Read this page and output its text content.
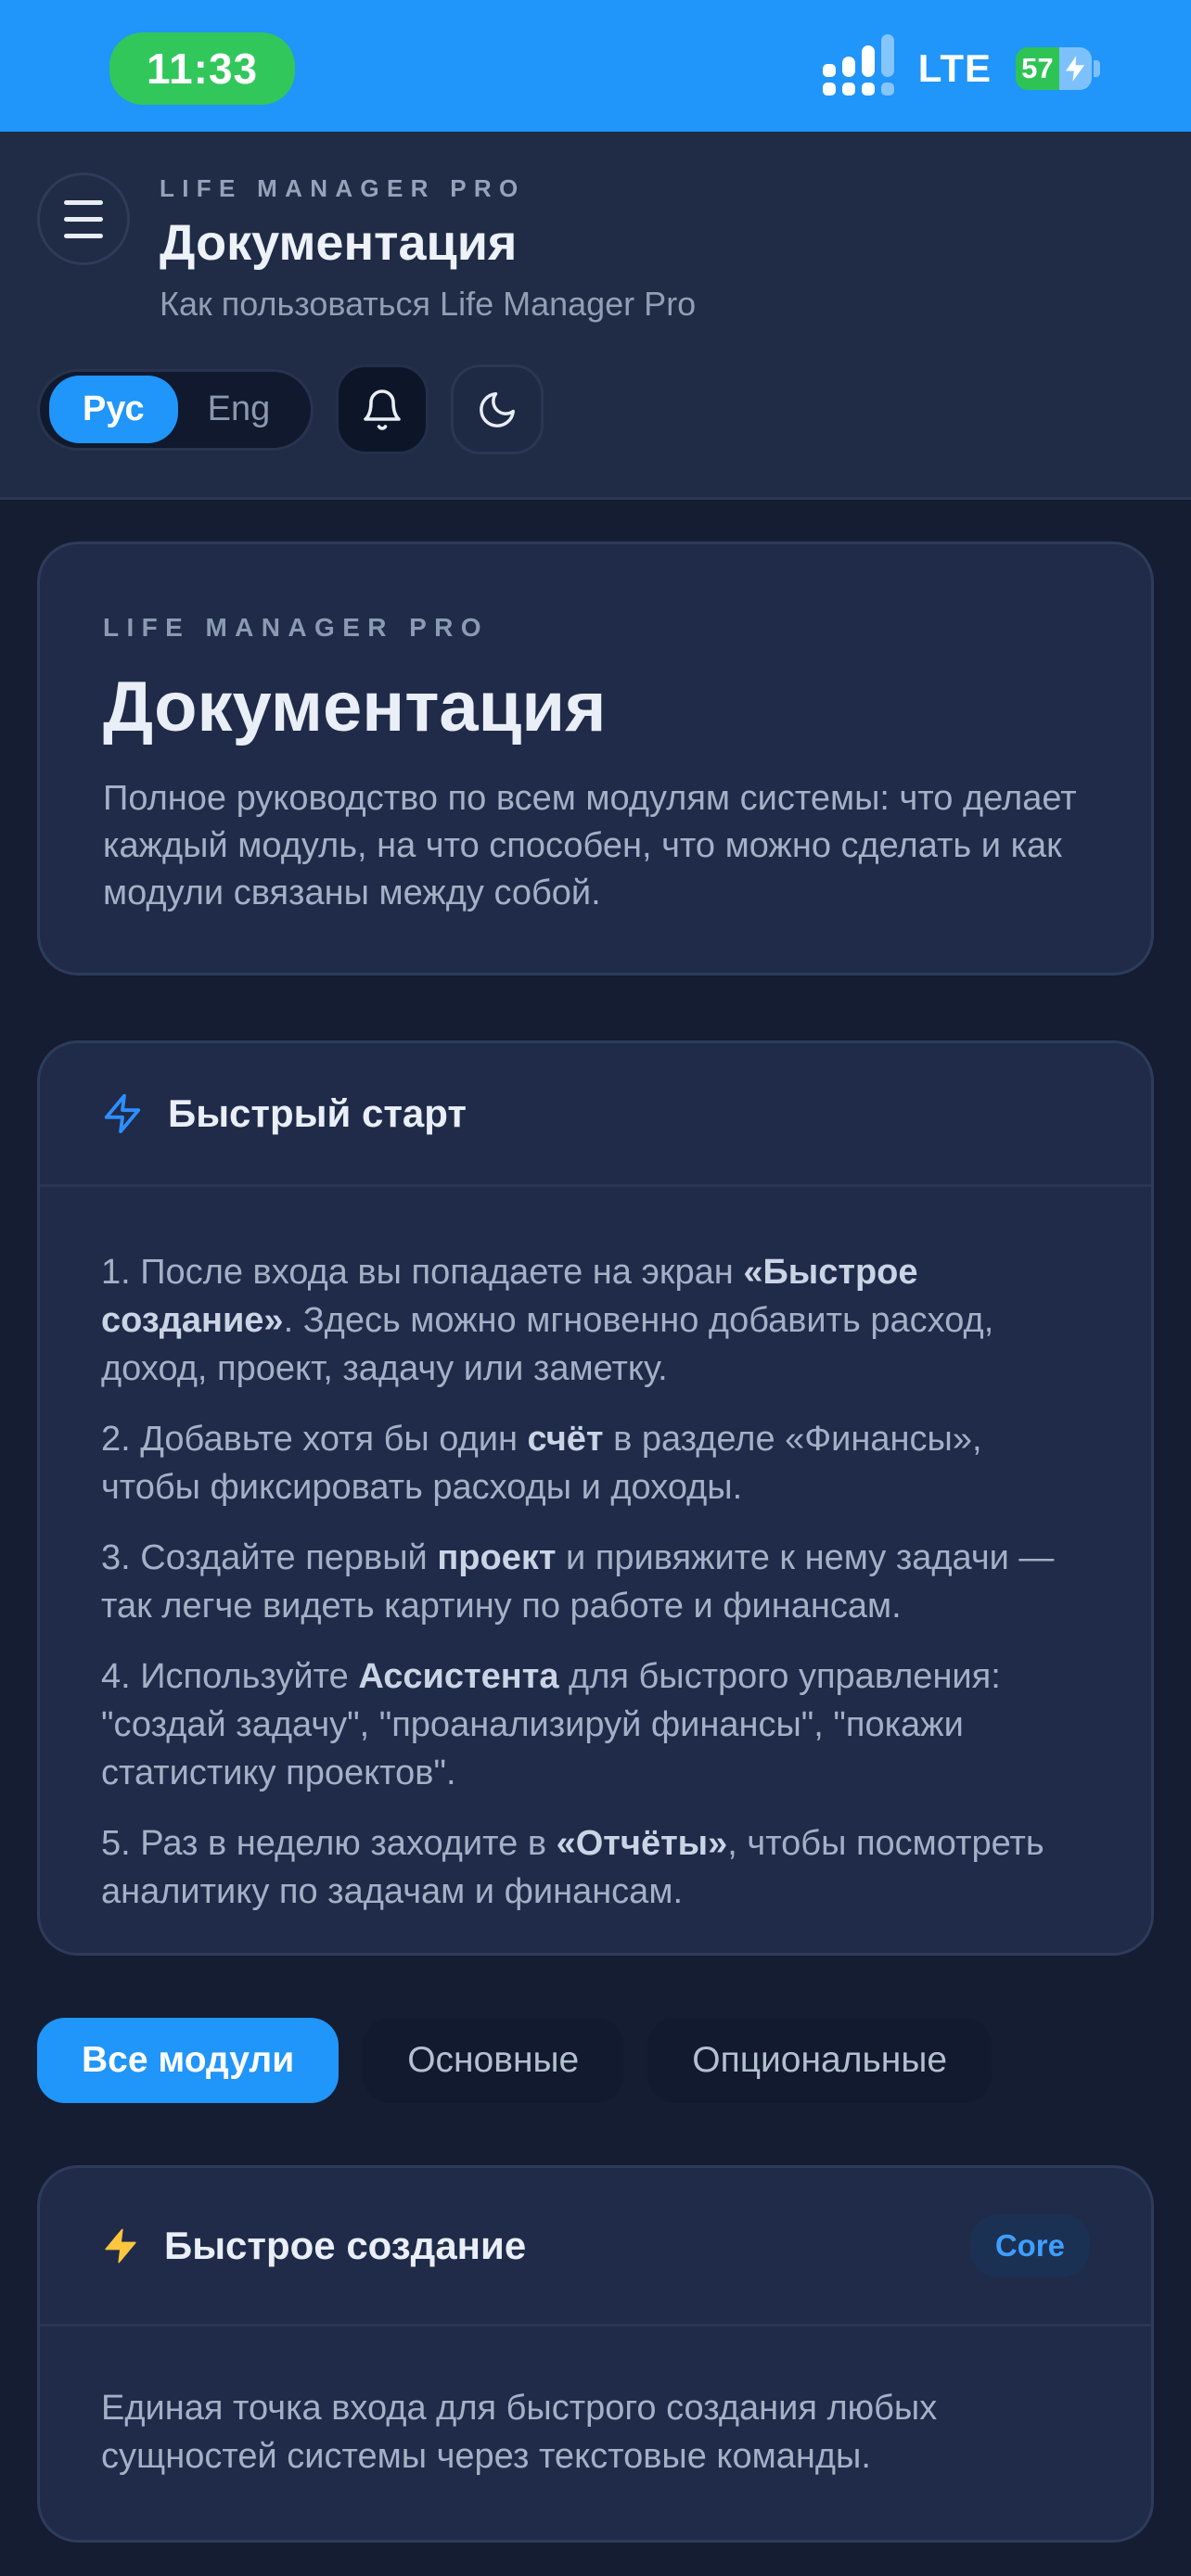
11:33	LTE 57
LIFE MANAGER PRO
Документация
Как пользоваться Life Manager Pro
Рус	Eng
LIFE MANAGER PRO
Документация

Полное руководство по всем модулям системы: что делает каждый модуль, на что способен, что можно сделать и как модули связаны между собой.

Быстрый старт

1. После входа вы попадаете на экран «Быстрое создание». Здесь можно мгновенно добавить расход, доход, проект, задачу или заметку.

2. Добавьте хотя бы один счёт в разделе «Финансы», чтобы фиксировать расходы и доходы.

3. Создайте первый проект и привяжите к нему задачи — так легче видеть картину по работе и финансам.

4. Используйте Ассистента для быстрого управления: "создай задачу", "проанализируй финансы", "покажи статистику проектов".

5. Раз в неделю заходите в «Отчёты», чтобы посмотреть аналитику по задачам и финансам.

Все модули	Основные	Опциональные
Быстрое создание	Core

Единая точка входа для быстрого создания любых сущностей системы через текстовые команды.
